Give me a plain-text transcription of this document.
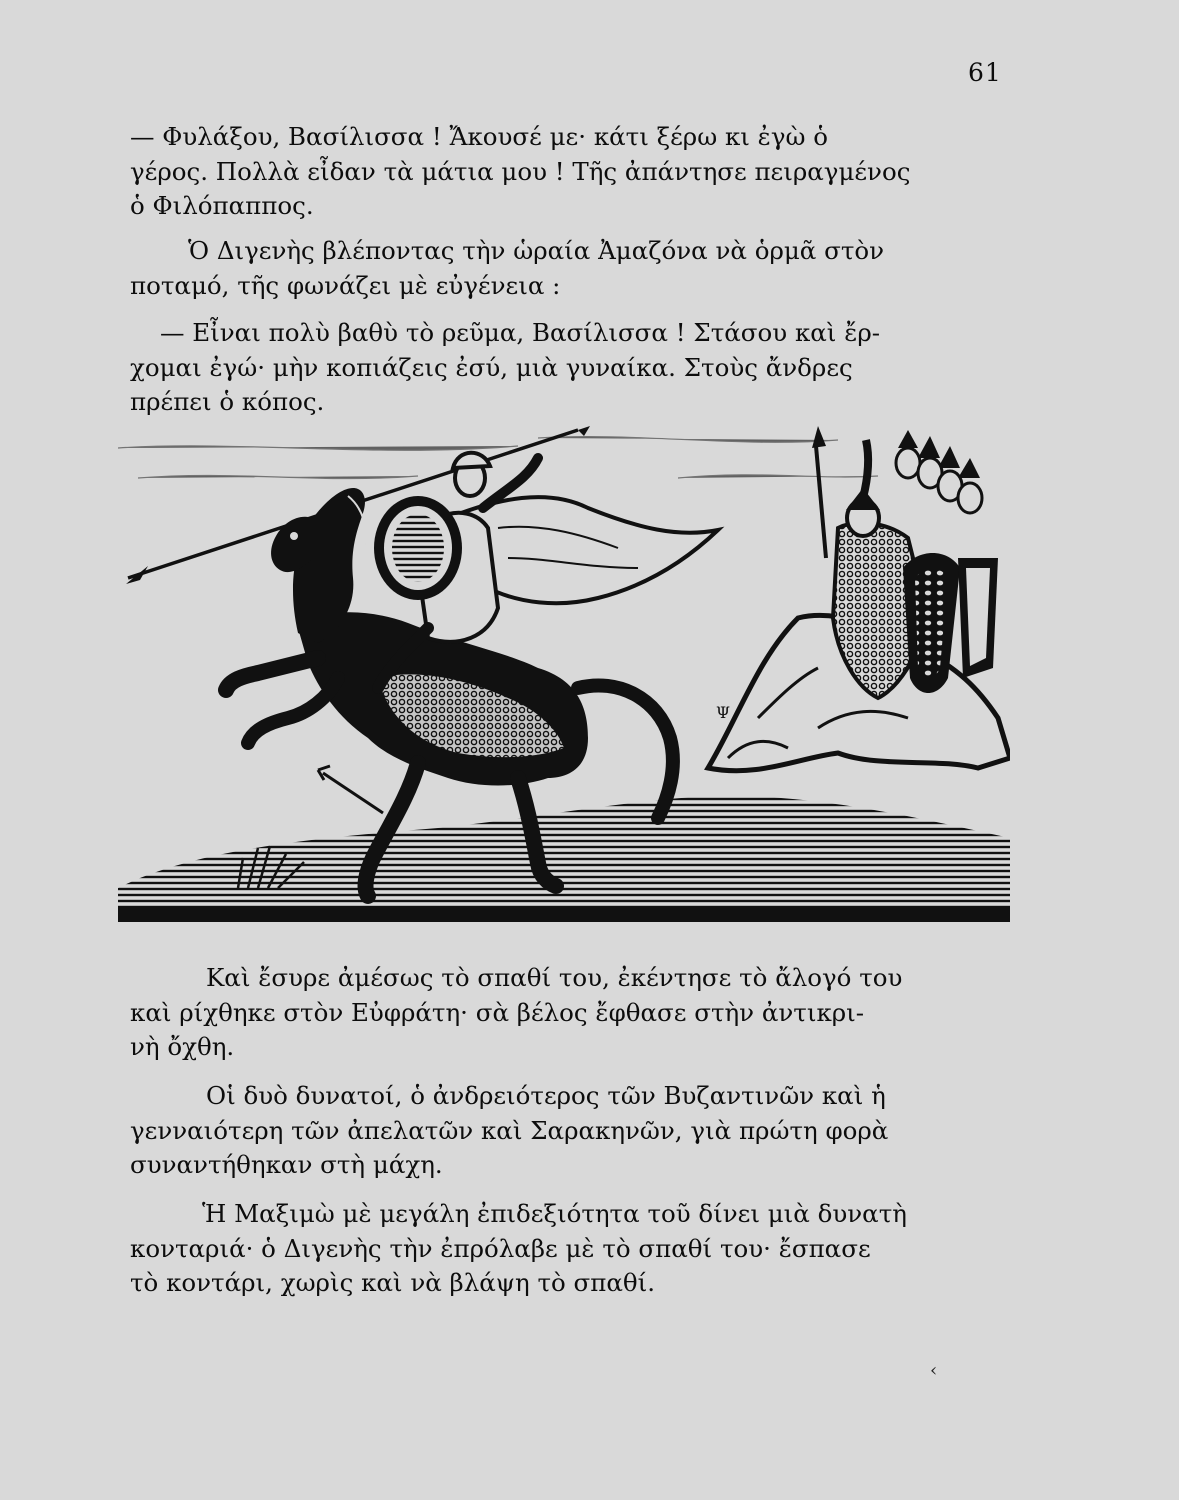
61

— Φυλάξου, Βασίλισσα ! Ἄκουσέ με· κάτι ξέρω κι ἐγὼ ὁ
γέρος. Πολλὰ εἶδαν τὰ μάτια μου ! Τῆς ἀπάντησε πειραγμένος
ὁ Φιλόπαππος.

Ὁ Διγενὴς βλέποντας τὴν ὡραία Ἀμαζόνα νὰ ὁρμᾶ στὸν
ποταμό, τῆς φωνάζει μὲ εὐγένεια :

— Εἶναι πολὺ βαθὺ τὸ ρεῦμα, Βασίλισσα ! Στάσου καὶ ἔρ-
χομαι ἐγώ· μὴν κοπιάζεις ἐσύ, μιὰ γυναίκα. Στοὺς ἄνδρες
πρέπει ὁ κόπος.

Ψ

Καὶ ἔσυρε ἀμέσως τὸ σπαθί του, ἐκέντησε τὸ ἄλογό του
καὶ ρίχθηκε στὸν Εὐφράτη· σὰ βέλος ἔφθασε στὴν ἀντικρι-
νὴ ὄχθη.

Οἱ δυὸ δυνατοί, ὁ ἀνδρειότερος τῶν Βυζαντινῶν καὶ ἡ
γενναιότερη τῶν ἀπελατῶν καὶ Σαρακηνῶν, γιὰ πρώτη φορὰ
συναντήθηκαν στὴ μάχη.

Ἡ Μαξιμὼ μὲ μεγάλη ἐπιδεξιότητα τοῦ δίνει μιὰ δυνατὴ
κονταριά· ὁ Διγενὴς τὴν ἐπρόλαβε μὲ τὸ σπαθί του· ἔσπασε
τὸ κοντάρι, χωρὶς καὶ νὰ βλάψη τὸ σπαθί.

‹
